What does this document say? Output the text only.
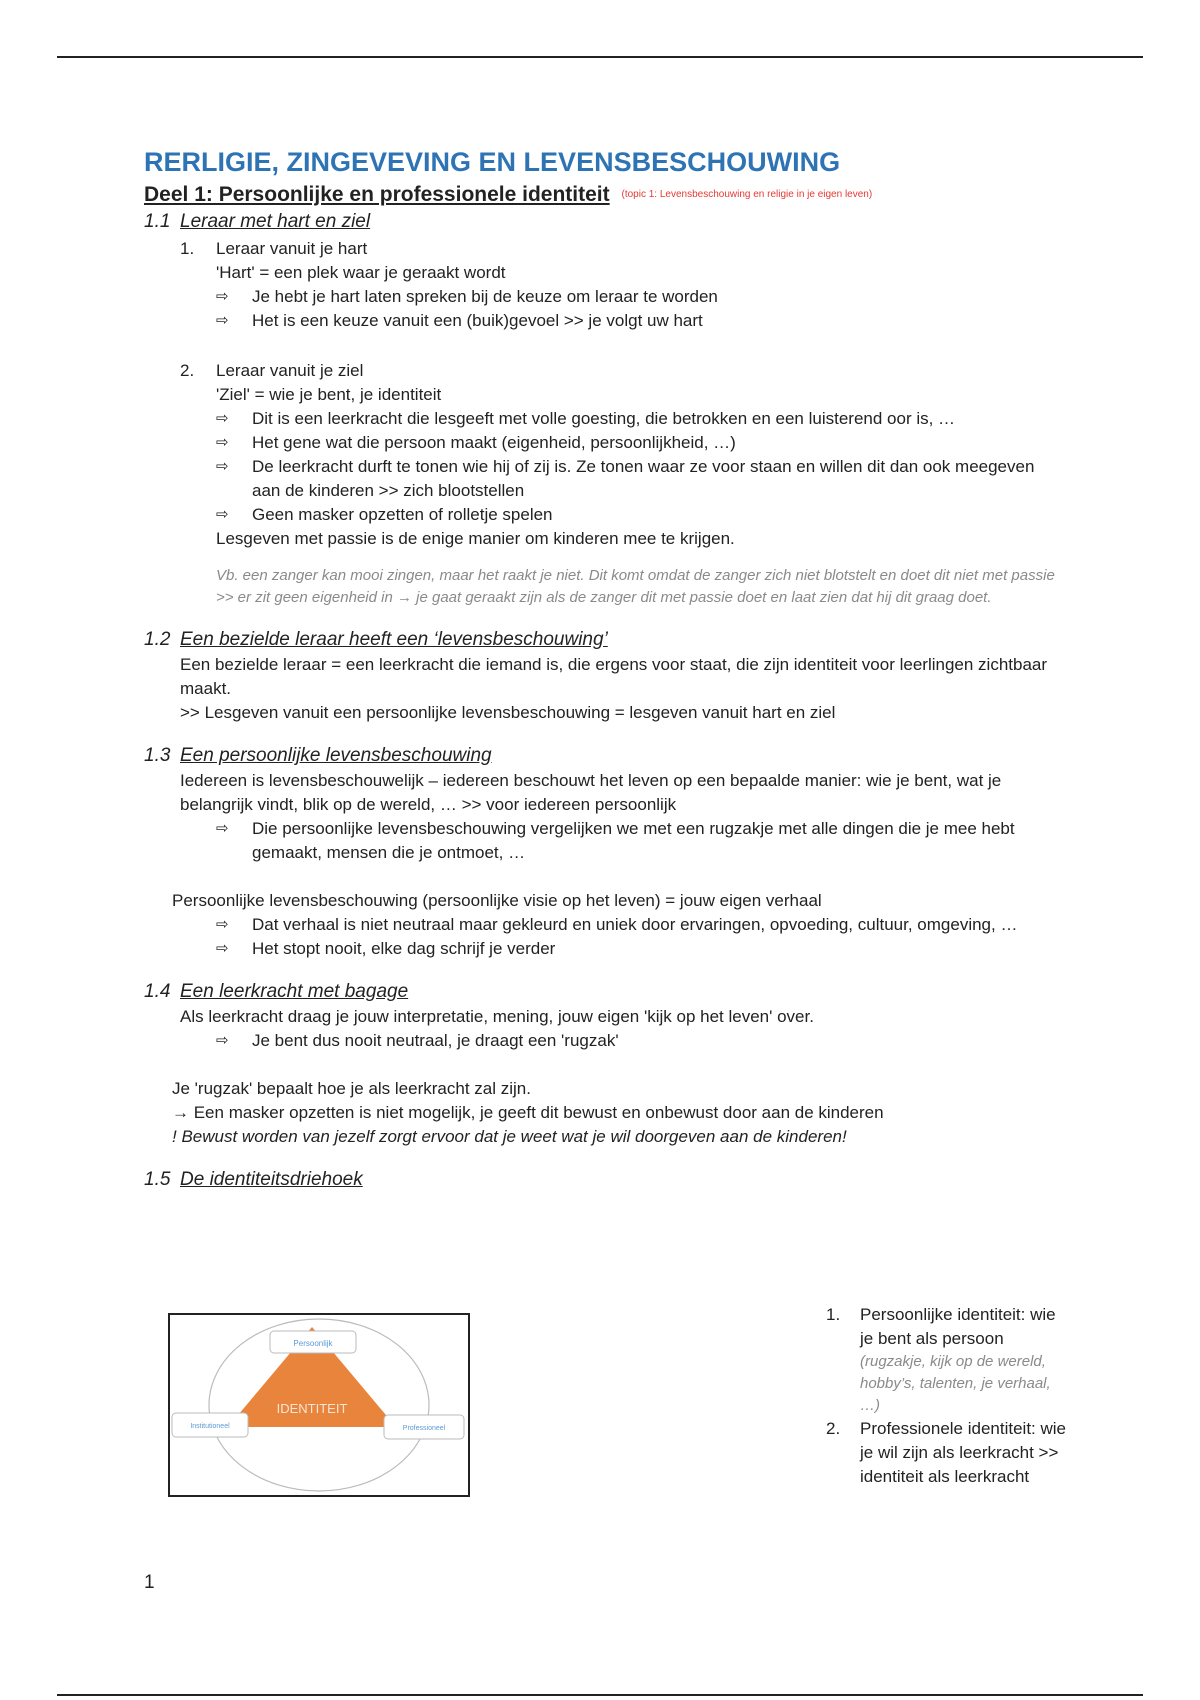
RERLIGIE, ZINGEVEVING EN LEVENSBESCHOUWING
Deel 1: Persoonlijke en professionele identiteit (topic 1: Levensbeschouwing en religie in je eigen leven)
1.1 Leraar met hart en ziel
1. Leraar vanuit je hart
'Hart' = een plek waar je geraakt wordt
⇨ Je hebt je hart laten spreken bij de keuze om leraar te worden
⇨ Het is een keuze vanuit een (buik)gevoel >> je volgt uw hart
2. Leraar vanuit je ziel
'Ziel' = wie je bent, je identiteit
⇨ Dit is een leerkracht die lesgeeft met volle goesting, die betrokken en een luisterend oor is, …
⇨ Het gene wat die persoon maakt (eigenheid, persoonlijkheid, …)
⇨ De leerkracht durft te tonen wie hij of zij is. Ze tonen waar ze voor staan en willen dit dan ook meegeven aan de kinderen >> zich blootstellen
⇨ Geen masker opzetten of rolletje spelen
Lesgeven met passie is de enige manier om kinderen mee te krijgen.
Vb. een zanger kan mooi zingen, maar het raakt je niet. Dit komt omdat de zanger zich niet blotstelt en doet dit niet met passie >> er zit geen eigenheid in → je gaat geraakt zijn als de zanger dit met passie doet en laat zien dat hij dit graag doet.
1.2 Een bezielde leraar heeft een ‘levensbeschouwing’
Een bezielde leraar = een leerkracht die iemand is, die ergens voor staat, die zijn identiteit voor leerlingen zichtbaar maakt.
>> Lesgeven vanuit een persoonlijke levensbeschouwing = lesgeven vanuit hart en ziel
1.3 Een persoonlijke levensbeschouwing
Iedereen is levensbeschouwelijk – iedereen beschouwt het leven op een bepaalde manier: wie je bent, wat je belangrijk vindt, blik op de wereld, … >> voor iedereen persoonlijk
⇨ Die persoonlijke levensbeschouwing vergelijken we met een rugzakje met alle dingen die je mee hebt gemaakt, mensen die je ontmoet, …
Persoonlijke levensbeschouwing (persoonlijke visie op het leven) = jouw eigen verhaal
⇨ Dat verhaal is niet neutraal maar gekleurd en uniek door ervaringen, opvoeding, cultuur, omgeving, …
⇨ Het stopt nooit, elke dag schrijf je verder
1.4 Een leerkracht met bagage
Als leerkracht draag je jouw interpretatie, mening, jouw eigen 'kijk op het leven' over.
⇨ Je bent dus nooit neutraal, je draagt een 'rugzak'
Je 'rugzak' bepaalt hoe je als leerkracht zal zijn.
→ Een masker opzetten is niet mogelijk, je geeft dit bewust en onbewust door aan de kinderen
! Bewust worden van jezelf zorgt ervoor dat je weet wat je wil doorgeven aan de kinderen!
1.5 De identiteitsdriehoek
Persoonlijk
Institutioneel	Professioneel
IDENTITEIT
1. Persoonlijke identiteit: wie je bent als persoon
(rugzakje, kijk op de wereld, hobby’s, talenten, je verhaal, …)
2. Professionele identiteit: wie je wil zijn als leerkracht >> identiteit als leerkracht
1
